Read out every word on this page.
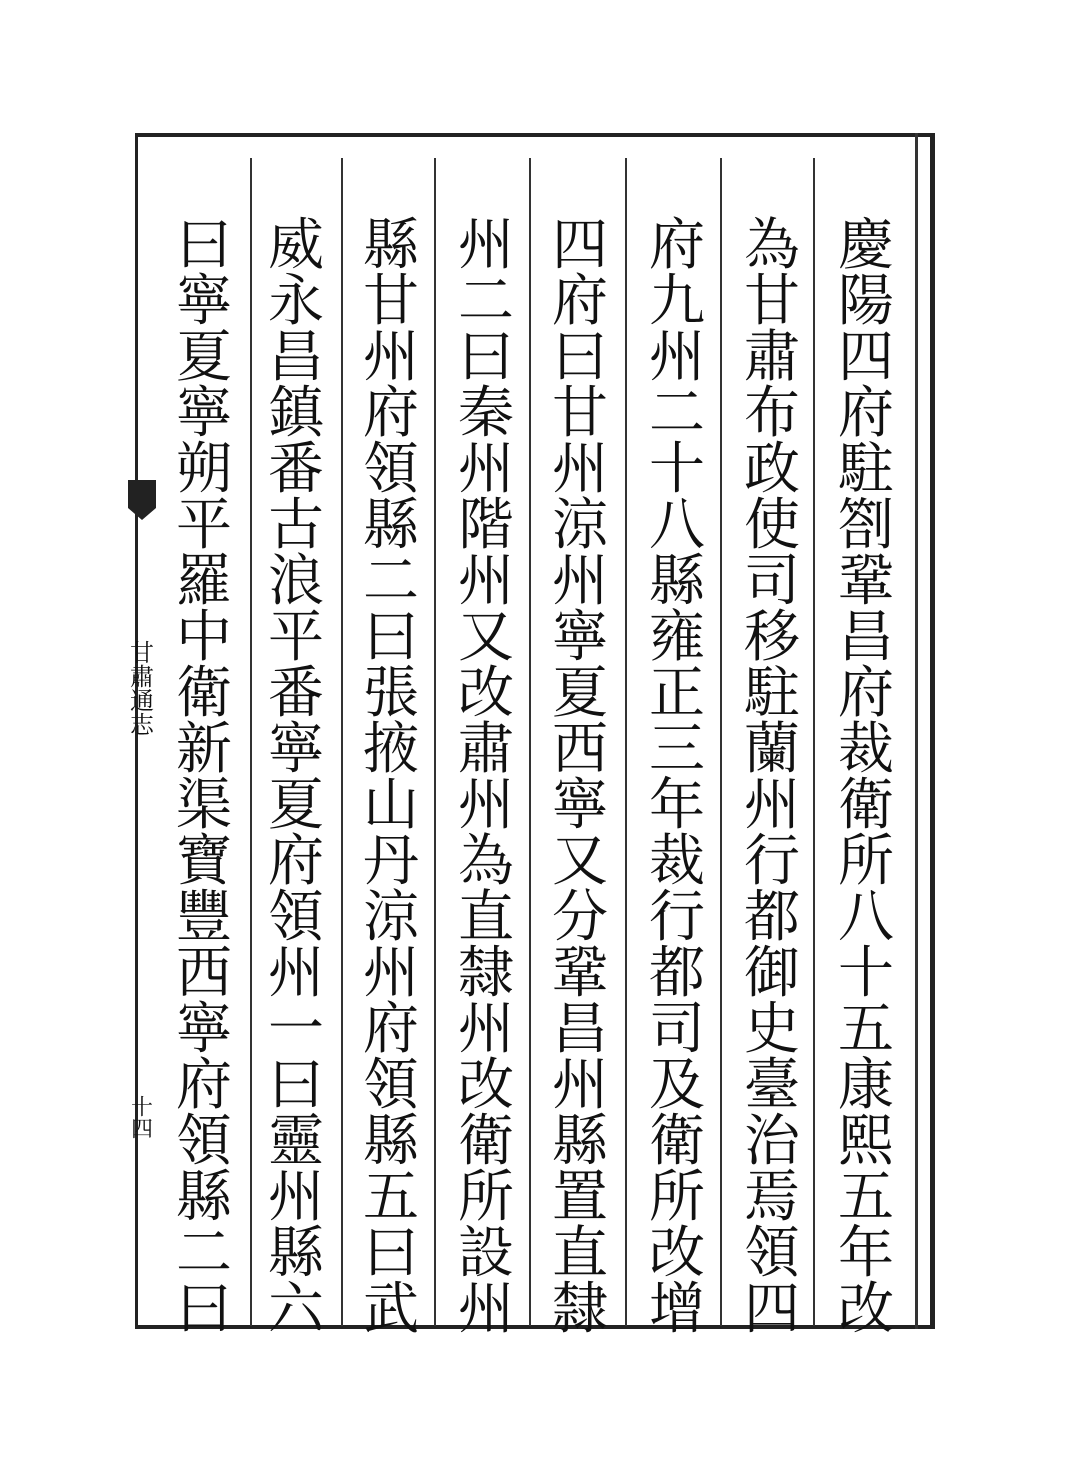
慶
陽
四
府
駐
劄
鞏
昌
府
裁
衛
所
八
十
五
康
熙
五
年
改
為
甘
肅
布
政
使
司
移
駐
蘭
州
行
都
御
史
臺
治
焉
領
四
府
九
州
二
十
八
縣
雍
正
三
年
裁
行
都
司
及
衛
所
改
增
四
府
曰
甘
州
涼
州
寧
夏
西
寧
又
分
鞏
昌
州
縣
置
直
隸
州
二
曰
秦
州
階
州
又
改
肅
州
為
直
隸
州
改
衛
所
設
州
縣
甘
州
府
領
縣
二
曰
張
掖
山
丹
涼
州
府
領
縣
五
曰
武
威
永
昌
鎮
番
古
浪
平
番
寧
夏
府
領
州
一
曰
靈
州
縣
六
曰
寧
夏
寧
朔
平
羅
中
衛
新
渠
寶
豐
西
寧
府
領
縣
二
曰
甘肅通志
十四
